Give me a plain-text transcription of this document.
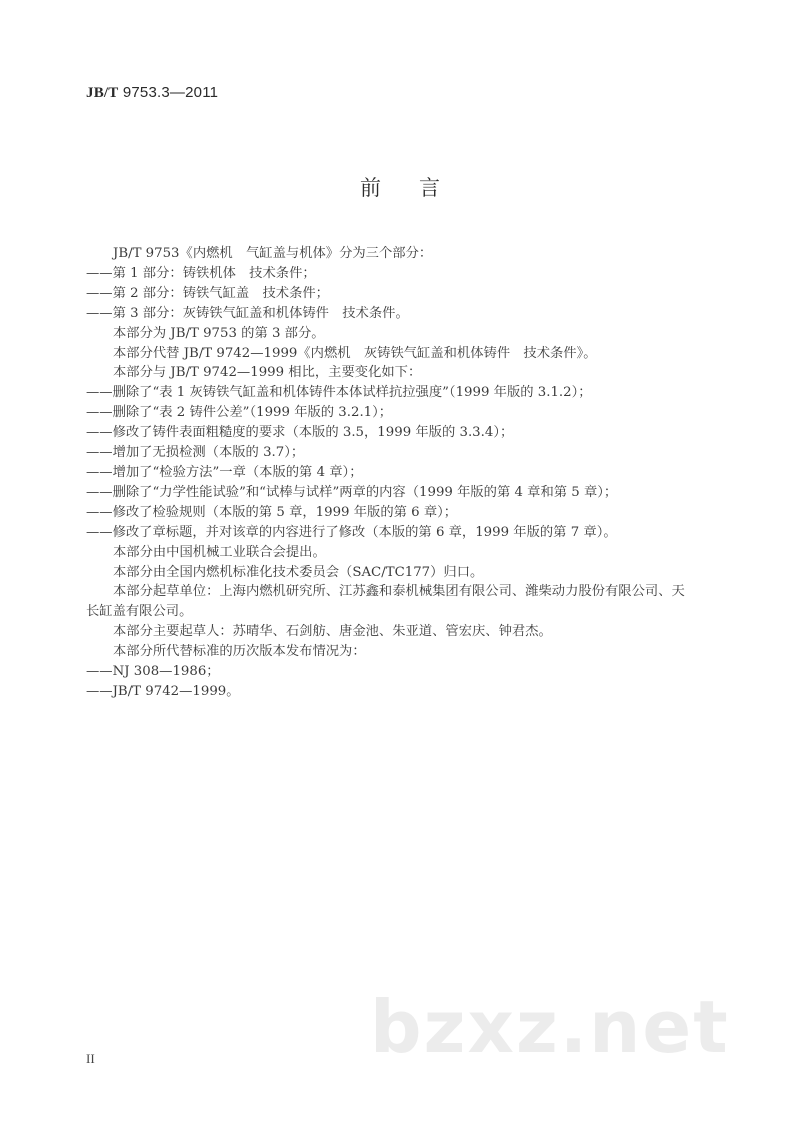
JB/T 9753.3—2011
前言
JB/T 9753《内燃机　气缸盖与机体》分为三个部分：
——第 1 部分：铸铁机体　技术条件；
——第 2 部分：铸铁气缸盖　技术条件；
——第 3 部分：灰铸铁气缸盖和机体铸件　技术条件。
本部分为 JB/T 9753 的第 3 部分。
本部分代替 JB/T 9742—1999《内燃机　灰铸铁气缸盖和机体铸件　技术条件》。
本部分与 JB/T 9742—1999 相比，主要变化如下：
——删除了“表 1 灰铸铁气缸盖和机体铸件本体试样抗拉强度”（1999 年版的 3.1.2）；
——删除了“表 2 铸件公差”（1999 年版的 3.2.1）；
——修改了铸件表面粗糙度的要求（本版的 3.5，1999 年版的 3.3.4）；
——增加了无损检测（本版的 3.7）；
——增加了“检验方法”一章（本版的第 4 章）；
——删除了“力学性能试验”和“试棒与试样”两章的内容（1999 年版的第 4 章和第 5 章）；
——修改了检验规则（本版的第 5 章，1999 年版的第 6 章）；
——修改了章标题，并对该章的内容进行了修改（本版的第 6 章，1999 年版的第 7 章）。
本部分由中国机械工业联合会提出。
本部分由全国内燃机标准化技术委员会（SAC/TC177）归口。
本部分起草单位：上海内燃机研究所、江苏鑫和泰机械集团有限公司、潍柴动力股份有限公司、天
长缸盖有限公司。
本部分主要起草人：苏晴华、石剑舫、唐金池、朱亚道、管宏庆、钟君杰。
本部分所代替标准的历次版本发布情况为：
——NJ 308—1986；
——JB/T 9742—1999。
bzxz.net
II
